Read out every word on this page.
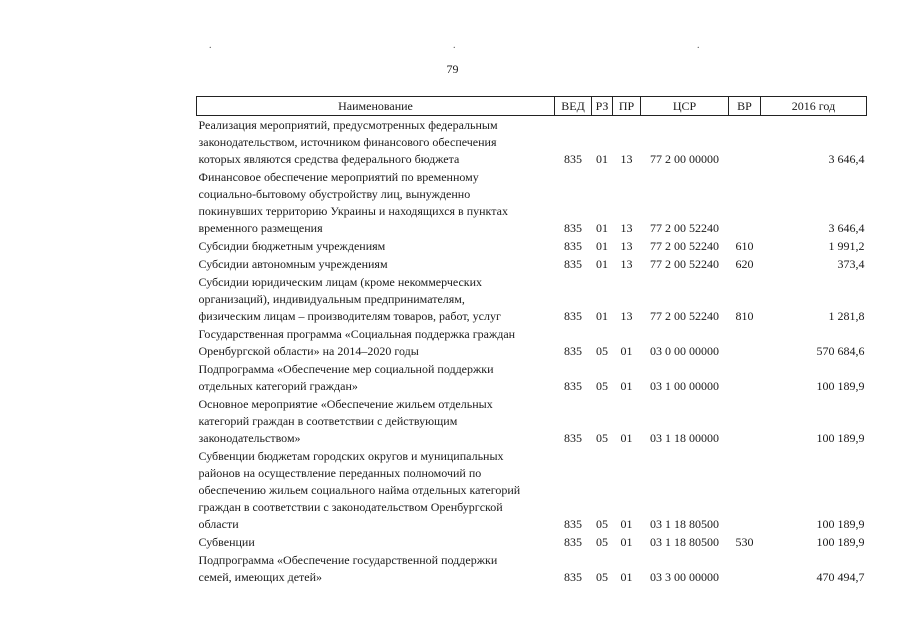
.	.	.
79
Наименование	ВЕД	РЗ	ПР	ЦСР	ВР	2016 год

Реализация мероприятий, предусмотренных федеральным
законодательством, источником финансового обеспечения
которых являются средства федерального бюджета	835	01	13	77 2 00 00000		3 646,4

Финансовое обеспечение мероприятий по временному
социально-бытовому обустройству лиц, вынужденно
покинувших территорию Украины и находящихся в пунктах
временного размещения	835	01	13	77 2 00 52240		3 646,4

Субсидии бюджетным учреждениям	835	01	13	77 2 00 52240	610	1 991,2

Субсидии автономным учреждениям	835	01	13	77 2 00 52240	620	373,4

Субсидии юридическим лицам (кроме некоммерческих
организаций), индивидуальным предпринимателям,
физическим лицам – производителям товаров, работ, услуг	835	01	13	77 2 00 52240	810	1 281,8

Государственная программа «Социальная поддержка граждан
Оренбургской области» на 2014–2020 годы	835	05	01	03 0 00 00000		570 684,6

Подпрограмма «Обеспечение мер социальной поддержки
отдельных категорий граждан»	835	05	01	03 1 00 00000		100 189,9

Основное мероприятие «Обеспечение жильем отдельных
категорий граждан в соответствии с действующим
законодательством»	835	05	01	03 1 18 00000		100 189,9

Субвенции бюджетам городских округов и муниципальных
районов на осуществление переданных полномочий по
обеспечению жильем социального найма отдельных категорий
граждан в соответствии с законодательством Оренбургской
области	835	05	01	03 1 18 80500		100 189,9

Субвенции	835	05	01	03 1 18 80500	530	100 189,9

Подпрограмма «Обеспечение государственной поддержки
семей, имеющих детей»	835	05	01	03 3 00 00000		470 494,7
